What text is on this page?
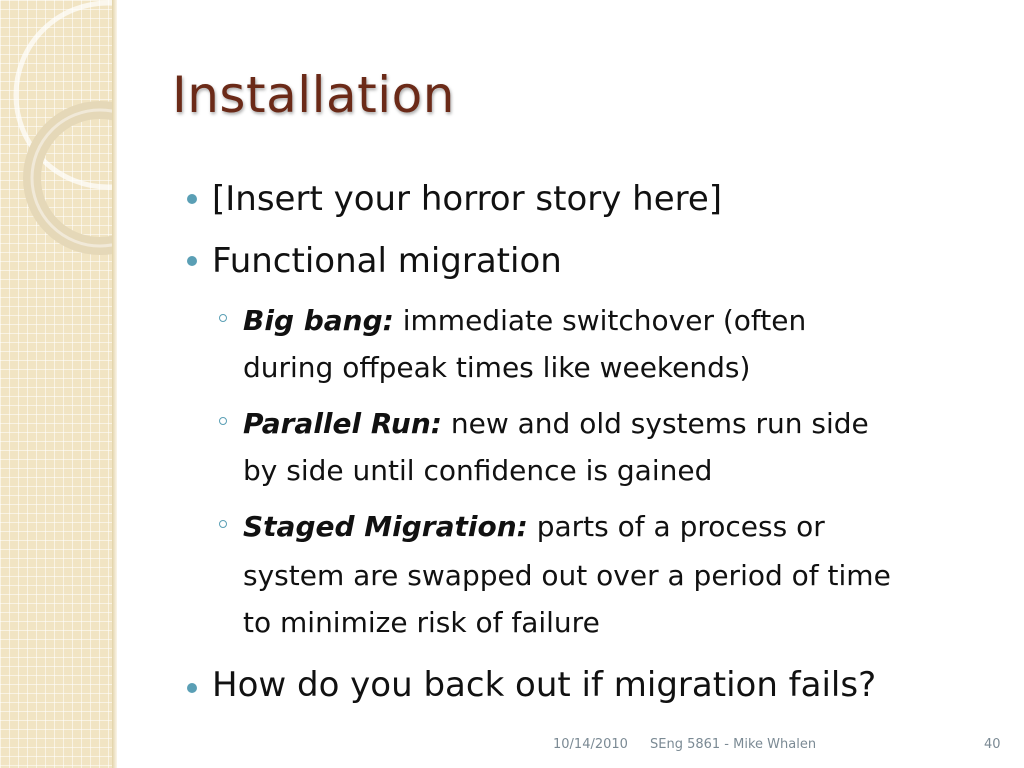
Installation
[Insert your horror story here]
Functional migration
Big bang: immediate switchover (often
during offpeak times like weekends)
Parallel Run: new and old systems run side
by side until confidence is gained
Staged Migration: parts of a process or
system are swapped out over a period of time
to minimize risk of failure
How do you back out if migration fails?
10/14/2010 SEng 5861 - Mike Whalen	40
